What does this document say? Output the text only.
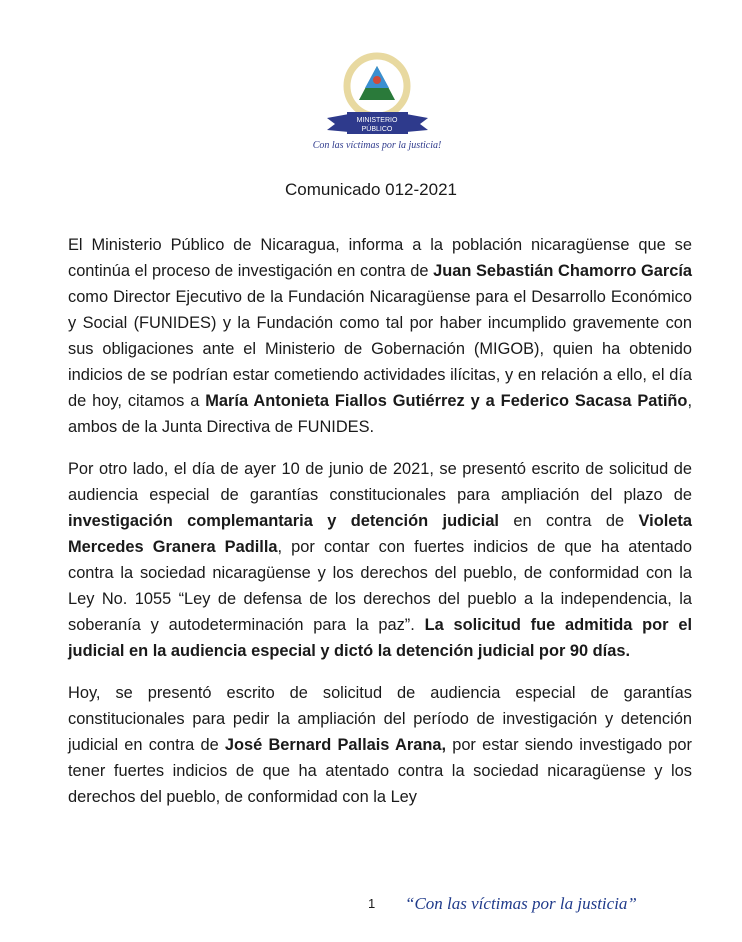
MINISTERIO
PÚBLICO
Con las víctimas por la justicia!
Comunicado 012-2021

El Ministerio Público de Nicaragua, informa a la población nicaragüense que se continúa el proceso de investigación en contra de Juan Sebastián Chamorro García como Director Ejecutivo de la Fundación Nicaragüense para el Desarrollo Económico y Social (FUNIDES) y la Fundación como tal por haber incumplido gravemente con sus obligaciones ante el Ministerio de Gobernación (MIGOB), quien ha obtenido indicios de se podrían estar cometiendo actividades ilícitas, y en relación a ello, el día de hoy, citamos a María Antonieta Fiallos Gutiérrez y a Federico Sacasa Patiño, ambos de la Junta Directiva de FUNIDES.

Por otro lado, el día de ayer 10 de junio de 2021, se presentó escrito de solicitud de audiencia especial de garantías constitucionales para ampliación del plazo de investigación complemantaria y detención judicial en contra de Violeta Mercedes Granera Padilla, por contar con fuertes indicios de que ha atentado contra la sociedad nicaragüense y los derechos del pueblo, de conformidad con la Ley No. 1055 “Ley de defensa de los derechos del pueblo a la independencia, la soberanía y autodeterminación para la paz”. La solicitud fue admitida por el judicial en la audiencia especial y dictó la detención judicial por 90 días.

Hoy, se presentó escrito de solicitud de audiencia especial de garantías constitucionales para pedir la ampliación del período de investigación y detención judicial en contra de José Bernard Pallais Arana, por estar siendo investigado por tener fuertes indicios de que ha atentado contra la sociedad nicaragüense y los derechos del pueblo, de conformidad con la Ley

1 “Con las víctimas por la justicia”
